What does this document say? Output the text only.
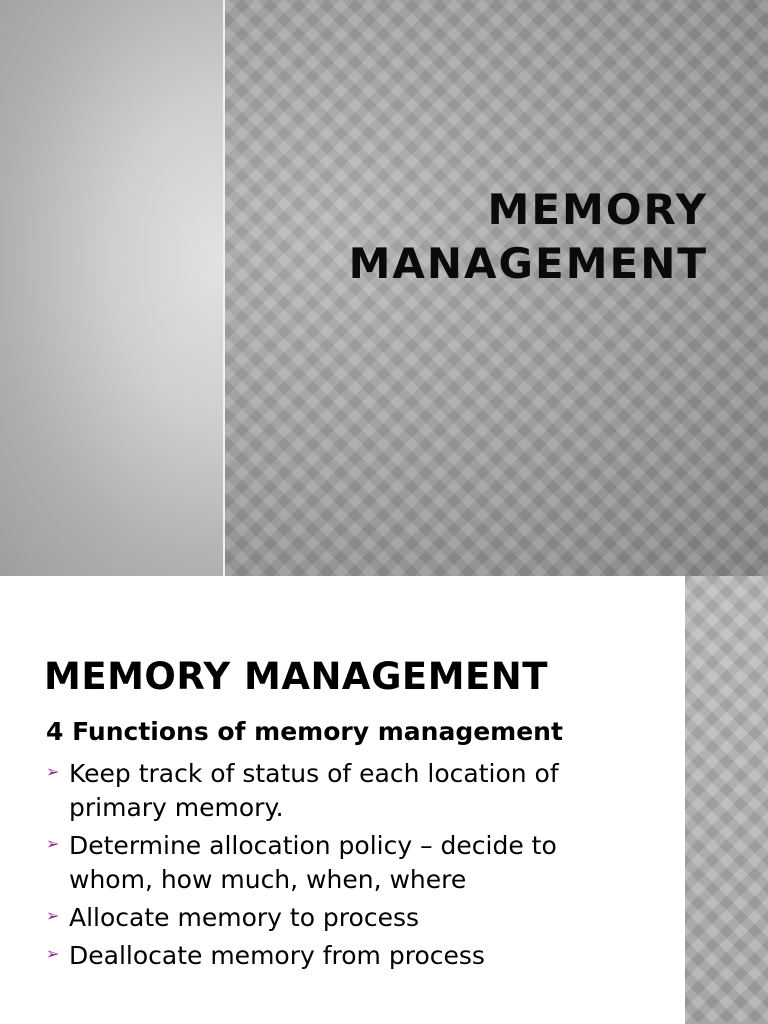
MEMORY
MANAGEMENT
MEMORY MANAGEMENT

4 Functions of memory management

➢ Keep track of status of each location of primary memory.
➢ Determine allocation policy – decide to whom, how much, when, where
➢ Allocate memory to process
➢ Deallocate memory from process
